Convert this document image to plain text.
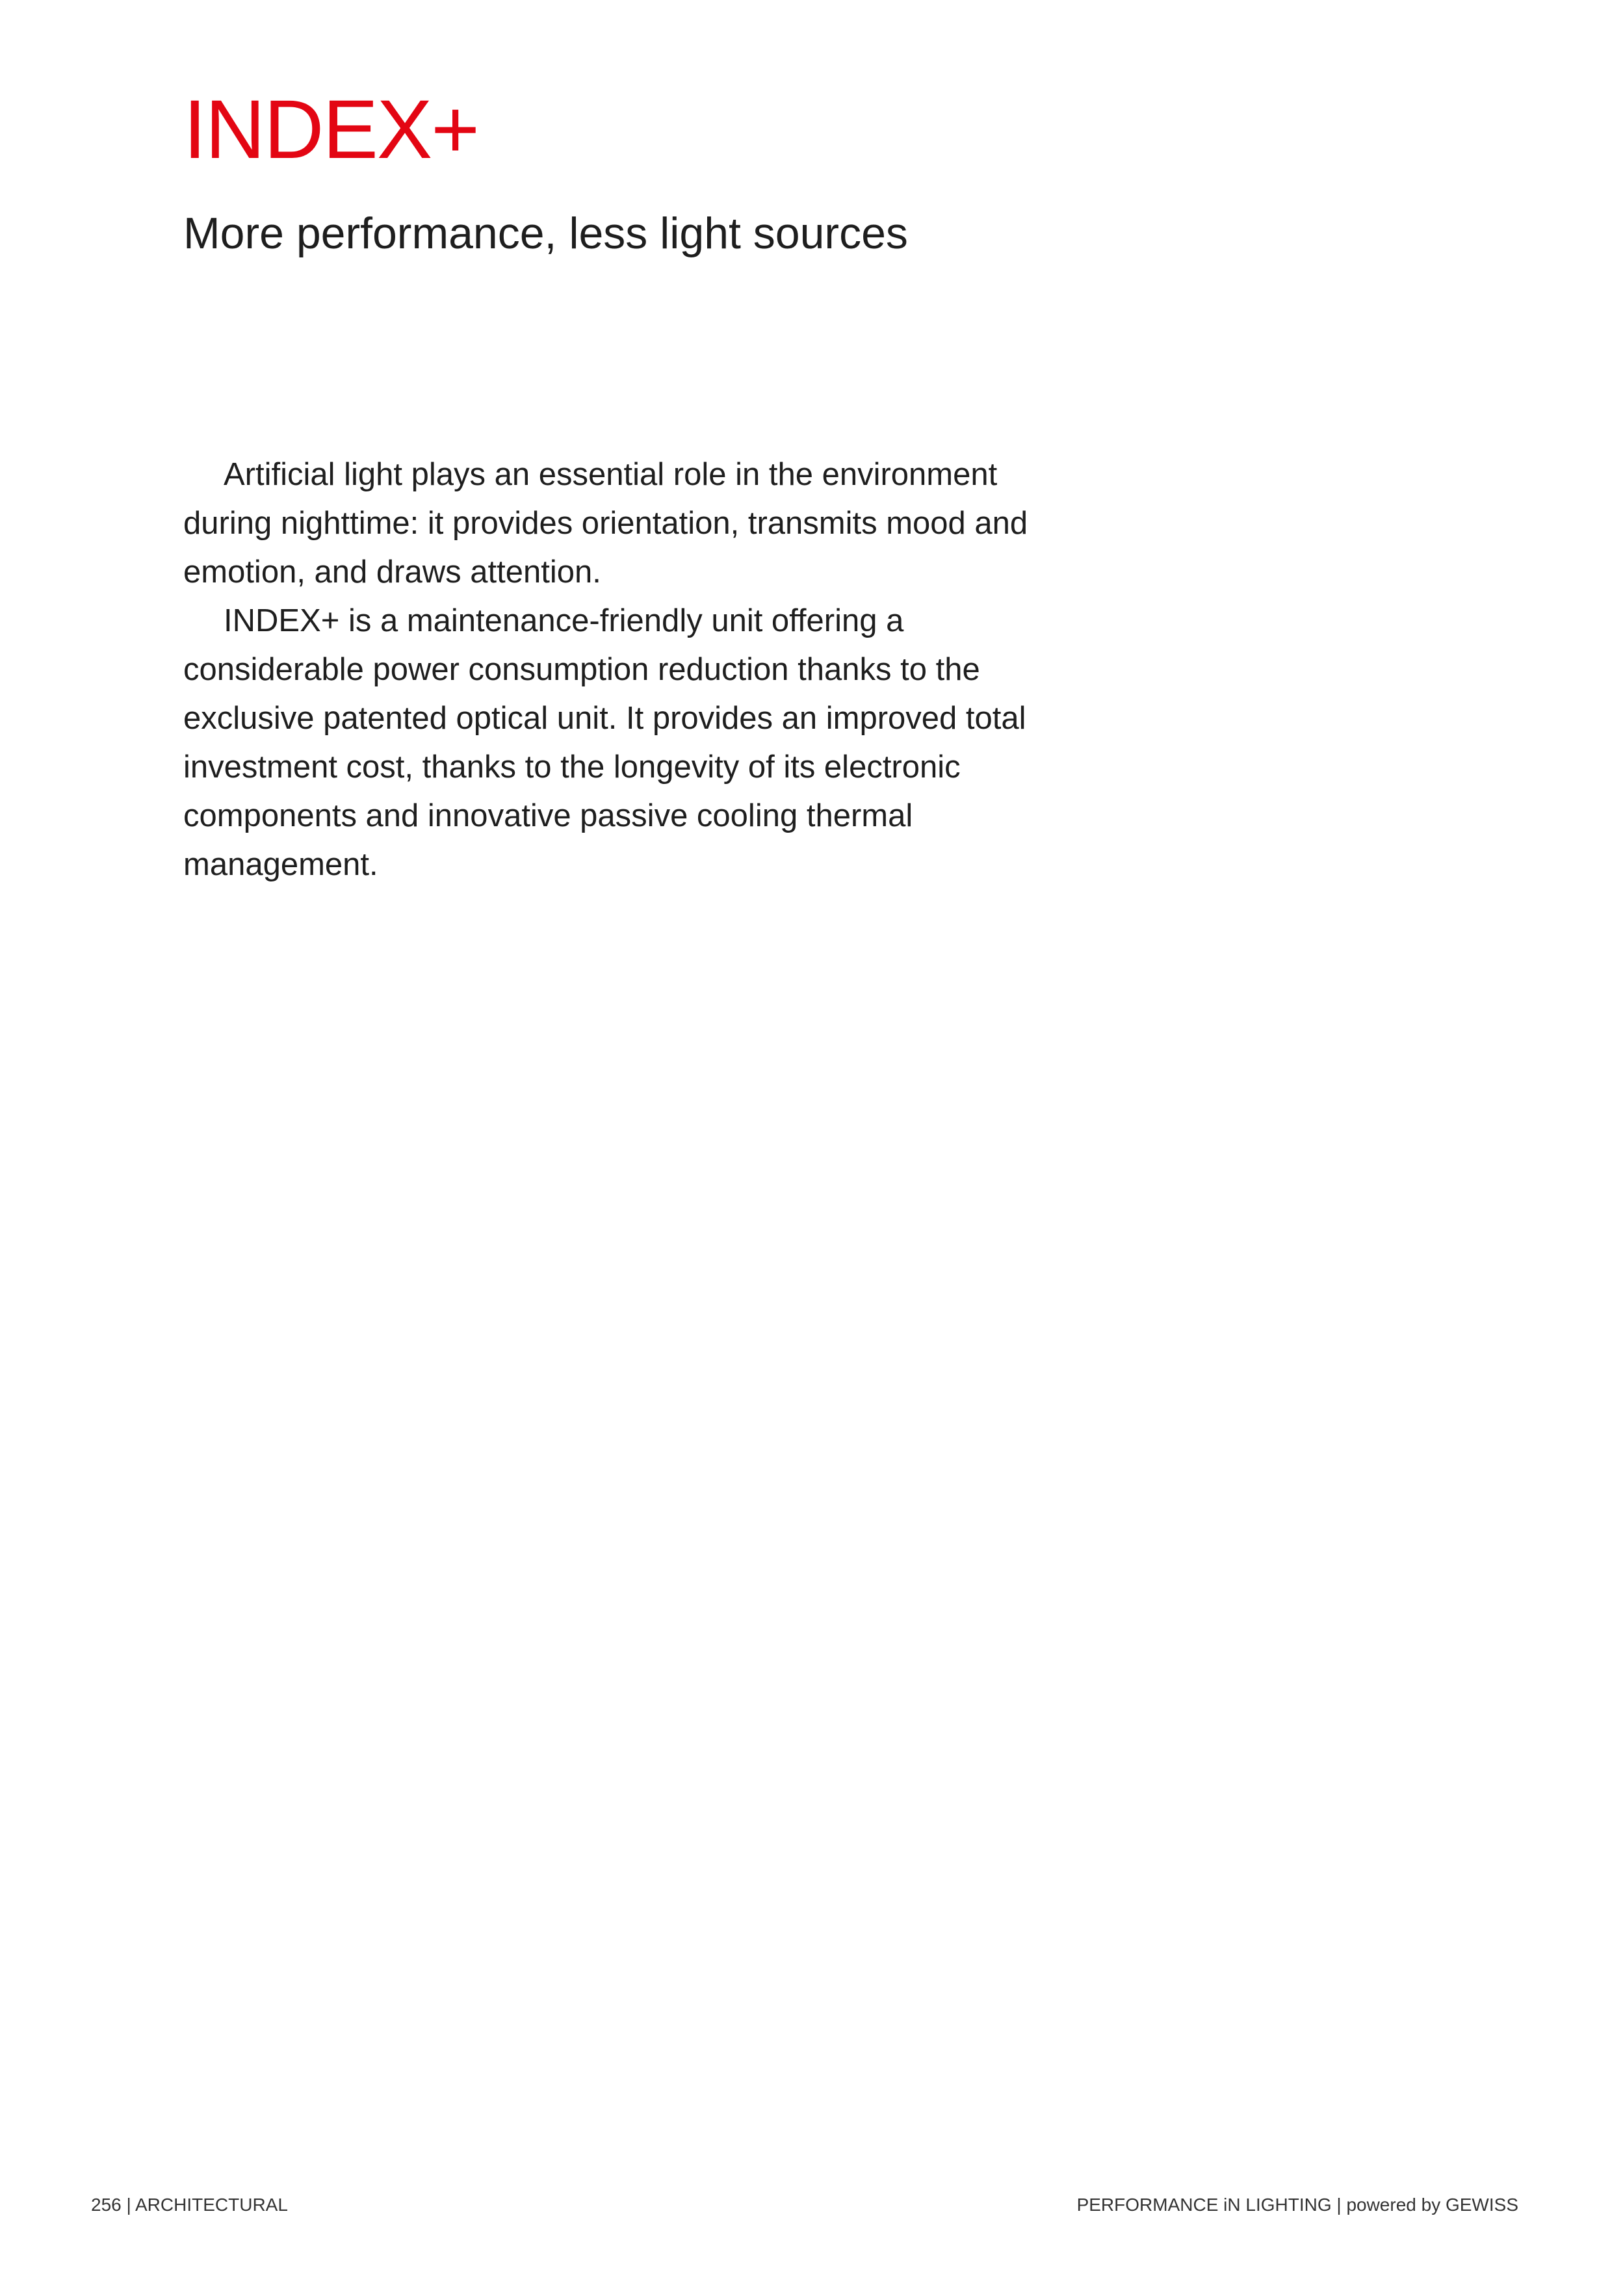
INDEX+
More performance, less light sources

Artificial light plays an essential role in the environment during nighttime: it provides orientation, transmits mood and emotion, and draws attention.

INDEX+ is a maintenance-friendly unit offering a considerable power consumption reduction thanks to the exclusive patented optical unit. It provides an improved total investment cost, thanks to the longevity of its electronic components and innovative passive cooling thermal management.

256 | ARCHITECTURAL	PERFORMANCE iN LIGHTING | powered by GEWISS
